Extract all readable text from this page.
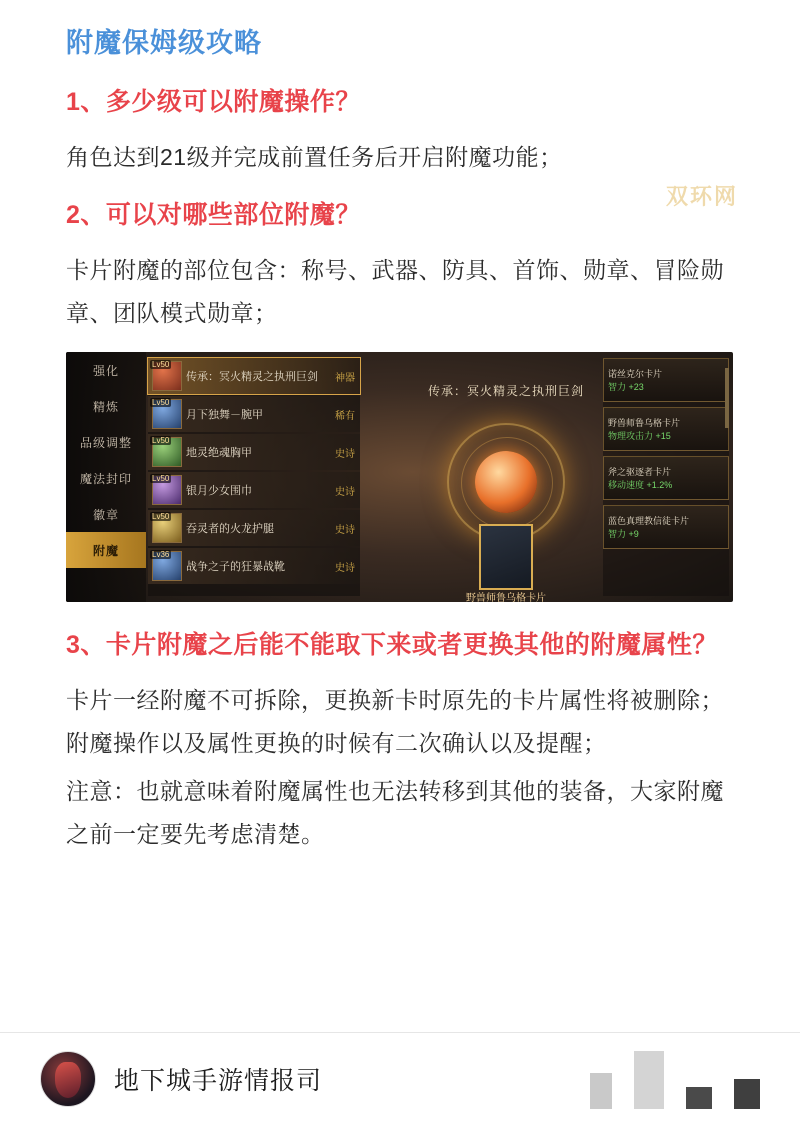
双环网
附魔保姆级攻略
1、多少级可以附魔操作？
角色达到21级并完成前置任务后开启附魔功能；
2、可以对哪些部位附魔？
卡片附魔的部位包含：称号、武器、防具、首饰、勋章、冒险勋章、团队模式勋章；
强化
精炼
品级调整
魔法封印
徽章
附魔
Lv50
传承：冥火精灵之执刑巨剑	神器
Lv50
月下独舞－腕甲	稀有
Lv50
地灵绝魂胸甲	史诗
Lv50
银月少女围巾	史诗
Lv50
吞灵者的火龙护腿	史诗
Lv36
战争之子的狂暴战靴	史诗
传承：冥火精灵之执刑巨剑
野兽师鲁乌格卡片
诺丝克尔卡片
智力 +23
野兽师鲁乌格卡片
物理攻击力 +15
斧之驱逐者卡片
移动速度 +1.2%
蓝色真理教信徒卡片
智力 +9
3、卡片附魔之后能不能取下来或者更换其他的附魔属性？
卡片一经附魔不可拆除，更换新卡时原先的卡片属性将被删除；附魔操作以及属性更换的时候有二次确认以及提醒；
注意：也就意味着附魔属性也无法转移到其他的装备，大家附魔之前一定要先考虑清楚。
地下城手游情报司
